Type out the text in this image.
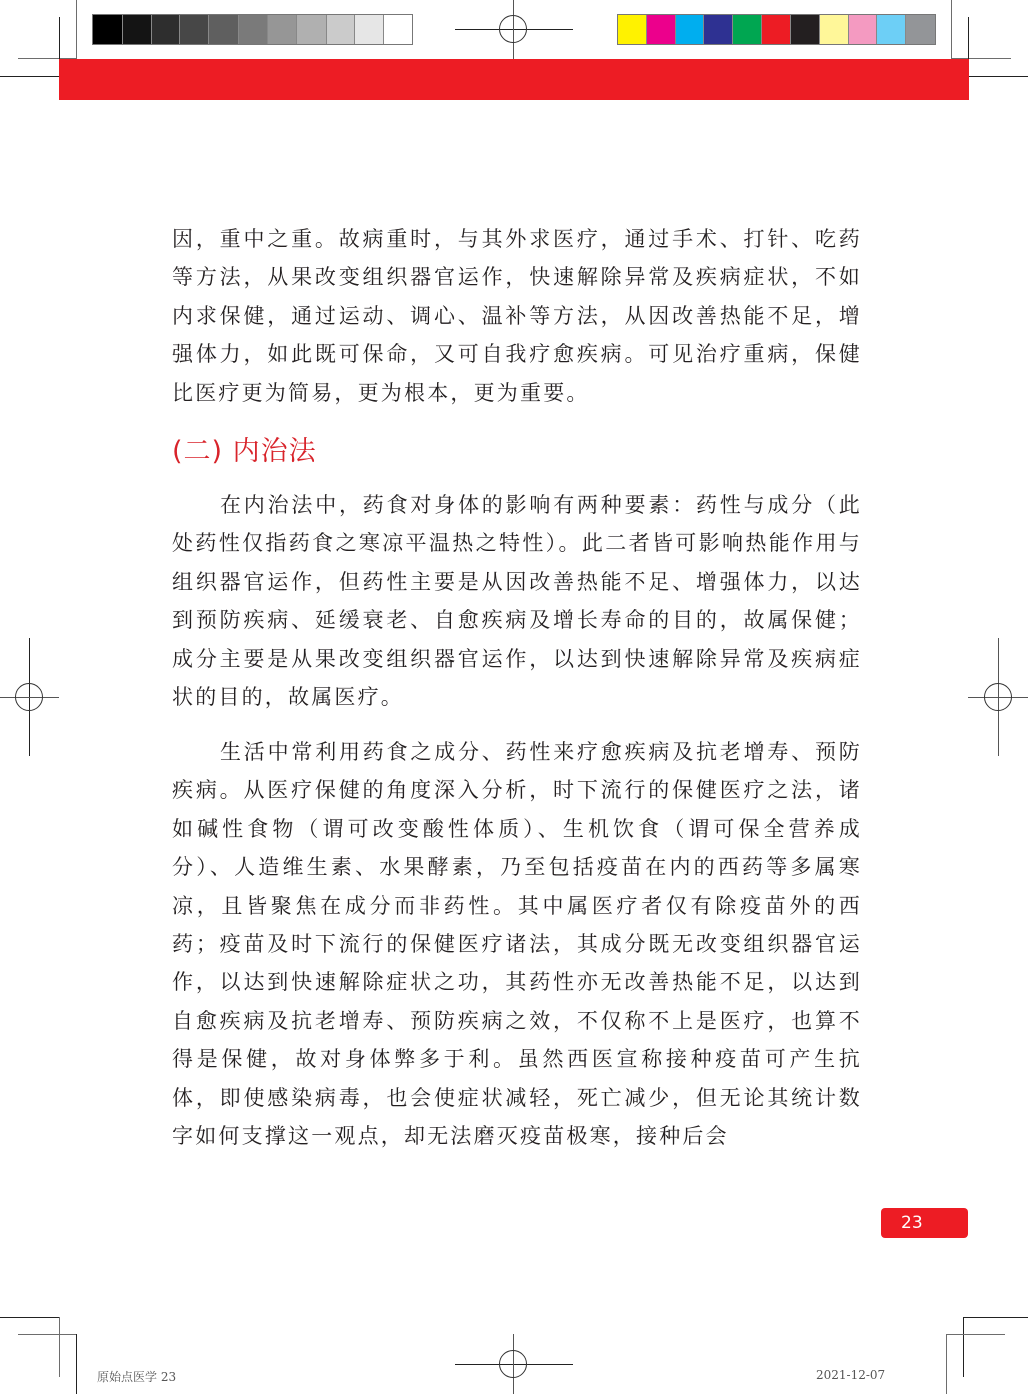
因，重中之重。故病重时，与其外求医疗，通过手术、打针、吃药等方法，从果改变组织器官运作，快速解除异常及疾病症状，不如内求保健，通过运动、调心、温补等方法，从因改善热能不足，增强体力，如此既可保命，又可自我疗愈疾病。可见治疗重病，保健比医疗更为简易，更为根本，更为重要。

(二) 内治法

在内治法中，药食对身体的影响有两种要素：药性与成分（此处药性仅指药食之寒凉平温热之特性）。此二者皆可影响热能作用与组织器官运作，但药性主要是从因改善热能不足、增强体力，以达到预防疾病、延缓衰老、自愈疾病及增长寿命的目的，故属保健；成分主要是从果改变组织器官运作，以达到快速解除异常及疾病症状的目的，故属医疗。

生活中常利用药食之成分、药性来疗愈疾病及抗老增寿、预防疾病。从医疗保健的角度深入分析，时下流行的保健医疗之法，诸如碱性食物（谓可改变酸性体质）、生机饮食（谓可保全营养成分）、人造维生素、水果酵素，乃至包括疫苗在内的西药等多属寒凉，且皆聚焦在成分而非药性。其中属医疗者仅有除疫苗外的西药；疫苗及时下流行的保健医疗诸法，其成分既无改变组织器官运作，以达到快速解除症状之功，其药性亦无改善热能不足，以达到自愈疾病及抗老增寿、预防疾病之效，不仅称不上是医疗，也算不得是保健，故对身体弊多于利。虽然西医宣称接种疫苗可产生抗体，即使感染病毒，也会使症状减轻，死亡减少，但无论其统计数字如何支撑这一观点，却无法磨灭疫苗极寒，接种后会

23
原始点医学 23	2021-12-07
